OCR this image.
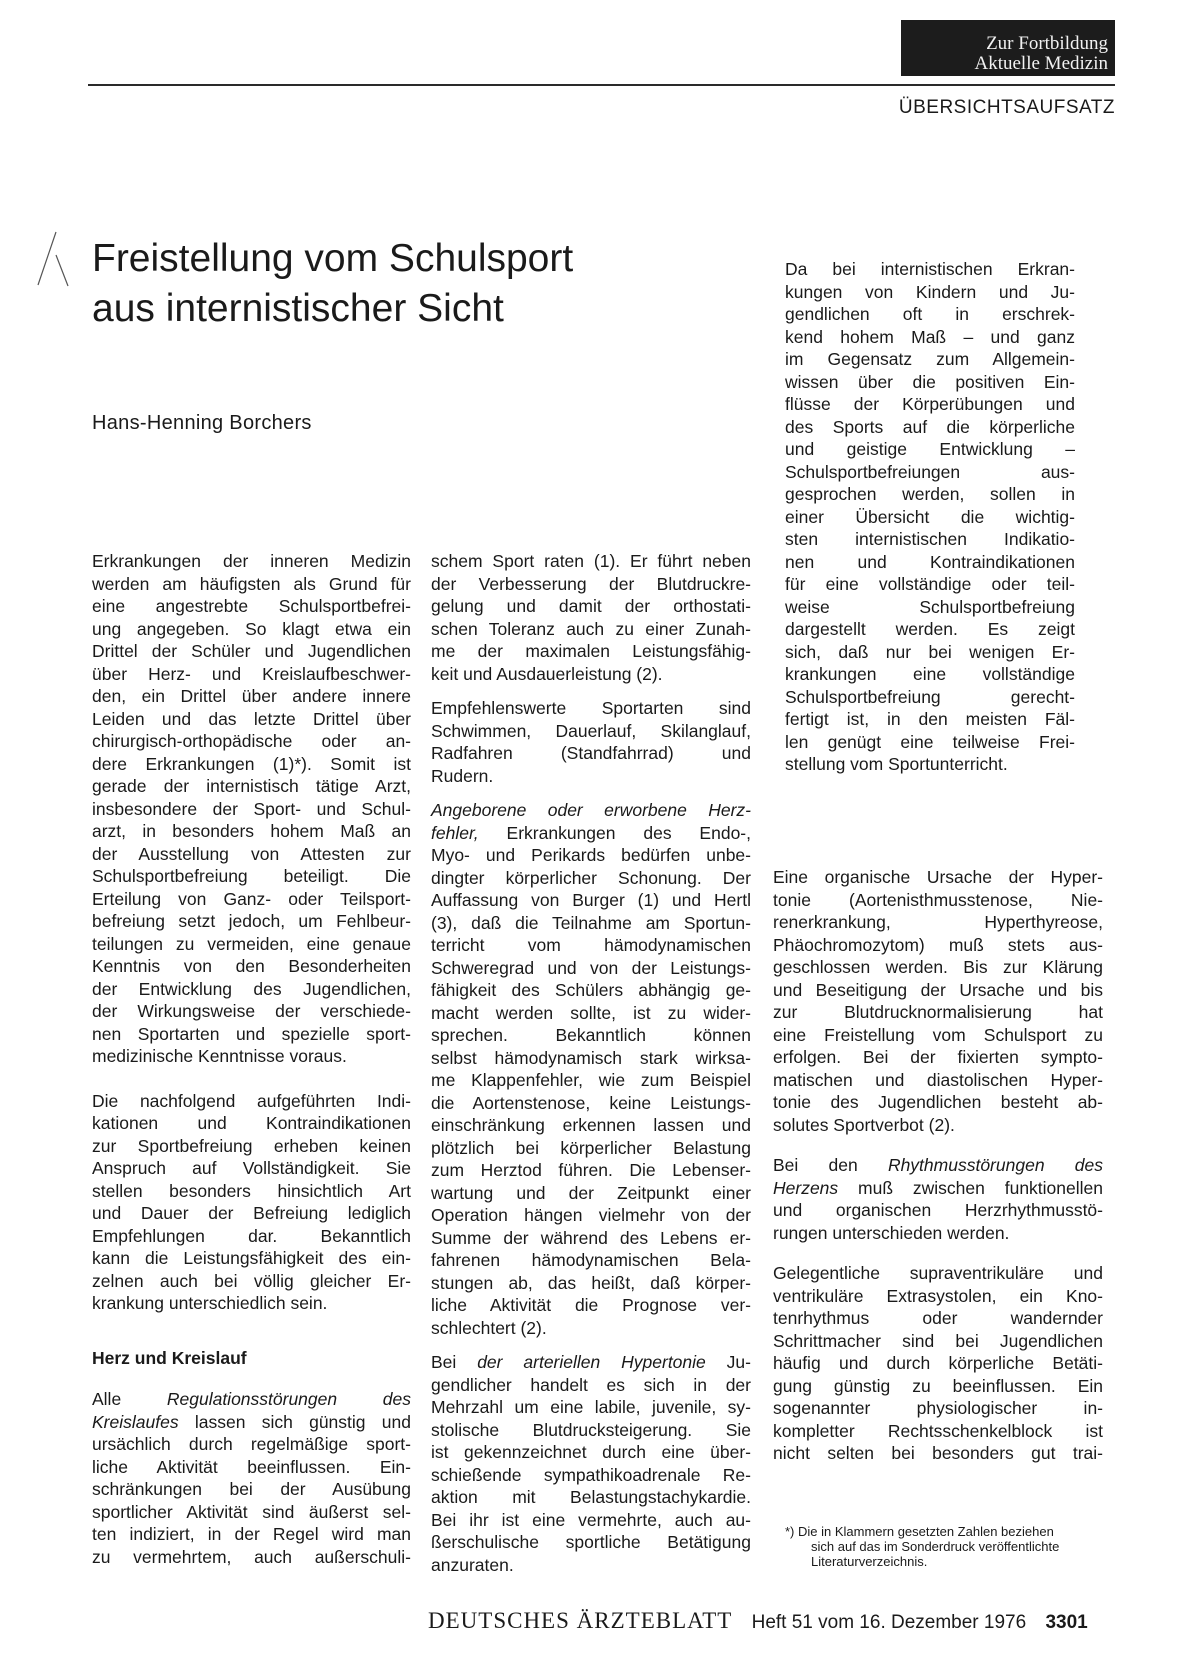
Zur Fortbildung
Aktuelle Medizin
ÜBERSICHTSAUFSATZ
Freistellung vom Schulsport
aus internistischer Sicht
Hans-Henning Borchers

Erkrankungen der inneren Medizin
werden am häufigsten als Grund für
eine angestrebte Schulsportbefrei-
ung angegeben. So klagt etwa ein
Drittel der Schüler und Jugendlichen
über Herz- und Kreislaufbeschwer-
den, ein Drittel über andere innere
Leiden und das letzte Drittel über
chirurgisch-orthopädische oder an-
dere Erkrankungen (1)*). Somit ist
gerade der internistisch tätige Arzt,
insbesondere der Sport- und Schul-
arzt, in besonders hohem Maß an
der Ausstellung von Attesten zur
Schulsportbefreiung beteiligt. Die
Erteilung von Ganz- oder Teilsport-
befreiung setzt jedoch, um Fehlbeur-
teilungen zu vermeiden, eine genaue
Kenntnis von den Besonderheiten
der Entwicklung des Jugendlichen,
der Wirkungsweise der verschiede-
nen Sportarten und spezielle sport-
medizinische Kenntnisse voraus.

Die nachfolgend aufgeführten Indi-
kationen und Kontraindikationen
zur Sportbefreiung erheben keinen
Anspruch auf Vollständigkeit. Sie
stellen besonders hinsichtlich Art
und Dauer der Befreiung lediglich
Empfehlungen dar. Bekanntlich
kann die Leistungsfähigkeit des ein-
zelnen auch bei völlig gleicher Er-
krankung unterschiedlich sein.

Herz und Kreislauf

Alle Regulationsstörungen des
Kreislaufes lassen sich günstig und
ursächlich durch regelmäßige sport-
liche Aktivität beeinflussen. Ein-
schränkungen bei der Ausübung
sportlicher Aktivität sind äußerst sel-
ten indiziert, in der Regel wird man
zu vermehrtem, auch außerschuli-

schem Sport raten (1). Er führt neben
der Verbesserung der Blutdruckre-
gelung und damit der orthostati-
schen Toleranz auch zu einer Zunah-
me der maximalen Leistungsfähig-
keit und Ausdauerleistung (2).

Empfehlenswerte Sportarten sind
Schwimmen, Dauerlauf, Skilanglauf,
Radfahren (Standfahrrad) und
Rudern.

Angeborene oder erworbene Herz-
fehler, Erkrankungen des Endo-,
Myo- und Perikards bedürfen unbe-
dingter körperlicher Schonung. Der
Auffassung von Burger (1) und Hertl
(3), daß die Teilnahme am Sportun-
terricht vom hämodynamischen
Schweregrad und von der Leistungs-
fähigkeit des Schülers abhängig ge-
macht werden sollte, ist zu wider-
sprechen. Bekanntlich können
selbst hämodynamisch stark wirksa-
me Klappenfehler, wie zum Beispiel
die Aortenstenose, keine Leistungs-
einschränkung erkennen lassen und
plötzlich bei körperlicher Belastung
zum Herztod führen. Die Lebenser-
wartung und der Zeitpunkt einer
Operation hängen vielmehr von der
Summe der während des Lebens er-
fahrenen hämodynamischen Bela-
stungen ab, das heißt, daß körper-
liche Aktivität die Prognose ver-
schlechtert (2).

Bei der arteriellen Hypertonie Ju-
gendlicher handelt es sich in der
Mehrzahl um eine labile, juvenile, sy-
stolische Blutdrucksteigerung. Sie
ist gekennzeichnet durch eine über-
schießende sympathikoadrenale Re-
aktion mit Belastungstachykardie.
Bei ihr ist eine vermehrte, auch au-
ßerschulische sportliche Betätigung
anzuraten.

Da bei internistischen Erkran-
kungen von Kindern und Ju-
gendlichen oft in erschrek-
kend hohem Maß – und ganz
im Gegensatz zum Allgemein-
wissen über die positiven Ein-
flüsse der Körperübungen und
des Sports auf die körperliche
und geistige Entwicklung –
Schulsportbefreiungen aus-
gesprochen werden, sollen in
einer Übersicht die wichtig-
sten internistischen Indikatio-
nen und Kontraindikationen
für eine vollständige oder teil-
weise Schulsportbefreiung
dargestellt werden. Es zeigt
sich, daß nur bei wenigen Er-
krankungen eine vollständige
Schulsportbefreiung gerecht-
fertigt ist, in den meisten Fäl-
len genügt eine teilweise Frei-
stellung vom Sportunterricht.

Eine organische Ursache der Hyper-
tonie (Aortenisthmusstenose, Nie-
renerkrankung, Hyperthyreose,
Phäochromozytom) muß stets aus-
geschlossen werden. Bis zur Klärung
und Beseitigung der Ursache und bis
zur Blutdrucknormalisierung hat
eine Freistellung vom Schulsport zu
erfolgen. Bei der fixierten sympto-
matischen und diastolischen Hyper-
tonie des Jugendlichen besteht ab-
solutes Sportverbot (2).

Bei den Rhythmusstörungen des
Herzens muß zwischen funktionellen
und organischen Herzrhythmusstö-
rungen unterschieden werden.

Gelegentliche supraventrikuläre und
ventrikuläre Extrasystolen, ein Kno-
tenrhythmus oder wandernder
Schrittmacher sind bei Jugendlichen
häufig und durch körperliche Betäti-
gung günstig zu beeinflussen. Ein
sogenannter physiologischer in-
kompletter Rechtsschenkelblock ist
nicht selten bei besonders gut trai-

*) Die in Klammern gesetzten Zahlen beziehen
sich auf das im Sonderdruck veröffentlichte
Literaturverzeichnis.
DEUTSCHES ÄRZTEBLATT Heft 51 vom 16. Dezember 1976 3301
